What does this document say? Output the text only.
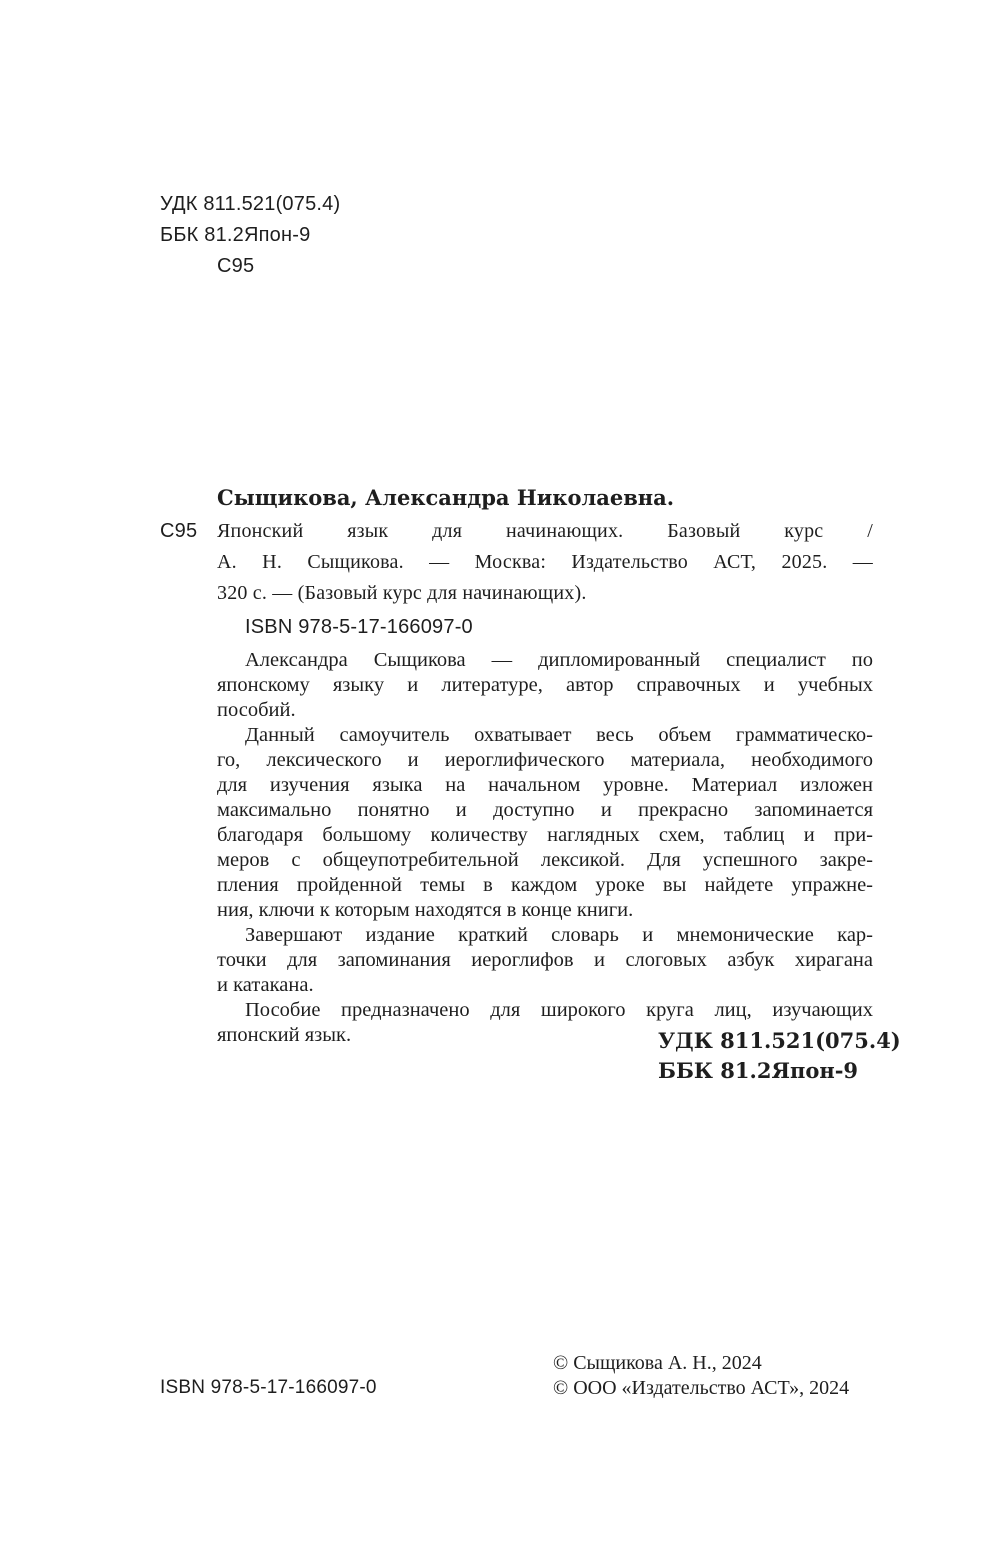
УДК 811.521(075.4)
ББК 81.2Япон-9
С95
Сыщикова, Александра Николаевна.
С95 Японский язык для начинающих. Базовый курс /
А. Н. Сыщикова. — Москва: Издательство АСТ, 2025. —
320 с. — (Базовый курс для начинающих).
ISBN 978-5-17-166097-0
Александра Сыщикова — дипломированный специалист по
японскому языку и литературе, автор справочных и учебных
пособий.
Данный самоучитель охватывает весь объем грамматическо-
го, лексического и иероглифического материала, необходимого
для изучения языка на начальном уровне. Материал изложен
максимально понятно и доступно и прекрасно запоминается
благодаря большому количеству наглядных схем, таблиц и при-
меров с общеупотребительной лексикой. Для успешного закре-
пления пройденной темы в каждом уроке вы найдете упражне-
ния, ключи к которым находятся в конце книги.
Завершают издание краткий словарь и мнемонические кар-
точки для запоминания иероглифов и слоговых азбук хирагана
и катакана.
Пособие предназначено для широкого круга лиц, изучающих
японский язык.	УДК 811.521(075.4)
ББК 81.2Япон-9
© Сыщикова А. Н., 2024
ISBN 978-5-17-166097-0	© ООО «Издательство АСТ», 2024
